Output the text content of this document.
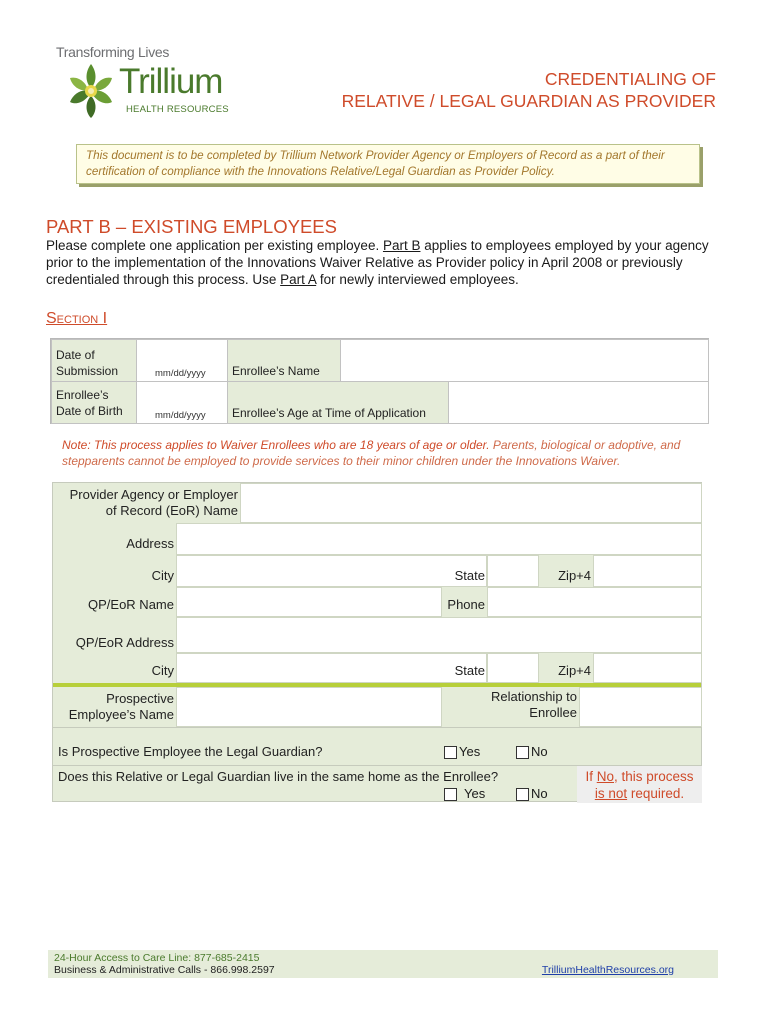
Transforming Lives
Trillium
HEALTH RESOURCES
CREDENTIALING OF
RELATIVE / LEGAL GUARDIAN AS PROVIDER
This document is to be completed by Trillium Network Provider Agency or Employers of Record as a part of their certification of compliance with the Innovations Relative/Legal Guardian as Provider Policy.
PART B – EXISTING EMPLOYEES
Please complete one application per existing employee. Part B applies to employees employed by your agency prior to the implementation of the Innovations Waiver Relative as Provider policy in April 2008 or previously credentialed through this process. Use Part A for newly interviewed employees.
Section I
Date of Submission	mm/dd/yyyy	Enrollee’s Name
Enrollee’s Date of Birth	mm/dd/yyyy	Enrollee’s Age at Time of Application
Note: This process applies to Waiver Enrollees who are 18 years of age or older. Parents, biological or adoptive, and stepparents cannot be employed to provide services to their minor children under the Innovations Waiver.
Provider Agency or Employer
of Record (EoR) Name
Address
City	State	Zip+4
QP/EoR Name	Phone
QP/EoR Address
City	State	Zip+4
Prospective
Employee’s Name
Relationship to
Enrollee
Is Prospective Employee the Legal Guardian?	Yes	No
Does this Relative or Legal Guardian live in the same home as the Enrollee?
Yes	No
If No, this process
is not required.
24-Hour Access to Care Line: 877-685-2415
Business & Administrative Calls - 866.998.2597	TrilliumHealthResources.org
